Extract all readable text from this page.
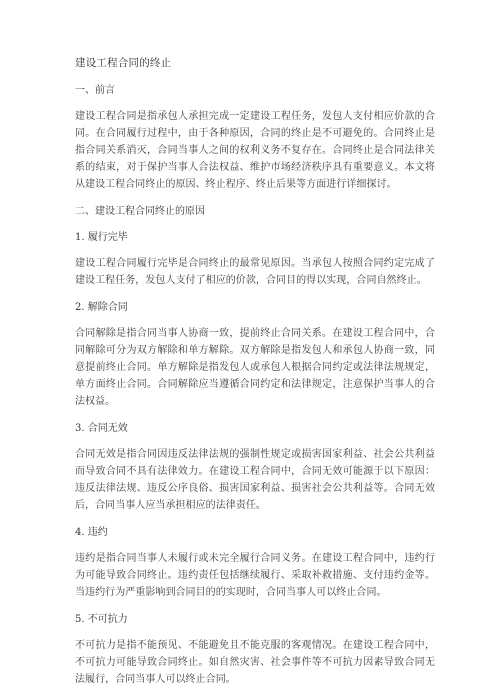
建设工程合同的终止
一、前言

建设工程合同是指承包人承担完成一定建设工程任务，发包人支付相应价款的合同。在合同履行过程中，由于各种原因，合同的终止是不可避免的。合同终止是指合同关系消灭，合同当事人之间的权利义务不复存在。合同终止是合同法律关系的结束，对于保护当事人合法权益、维护市场经济秩序具有重要意义。本文将从建设工程合同终止的原因、终止程序、终止后果等方面进行详细探讨。

二、建设工程合同终止的原因
1. 履行完毕

建设工程合同履行完毕是合同终止的最常见原因。当承包人按照合同约定完成了建设工程任务，发包人支付了相应的价款，合同目的得以实现，合同自然终止。

2. 解除合同

合同解除是指合同当事人协商一致，提前终止合同关系。在建设工程合同中，合同解除可分为双方解除和单方解除。双方解除是指发包人和承包人协商一致，同意提前终止合同。单方解除是指发包人或承包人根据合同约定或法律法规规定，单方面终止合同。合同解除应当遵循合同约定和法律规定，注意保护当事人的合法权益。

3. 合同无效

合同无效是指合同因违反法律法规的强制性规定或损害国家利益、社会公共利益而导致合同不具有法律效力。在建设工程合同中，合同无效可能源于以下原因：违反法律法规、违反公序良俗、损害国家利益、损害社会公共利益等。合同无效后，合同当事人应当承担相应的法律责任。

4. 违约

违约是指合同当事人未履行或未完全履行合同义务。在建设工程合同中，违约行为可能导致合同终止。违约责任包括继续履行、采取补救措施、支付违约金等。当违约行为严重影响到合同目的的实现时，合同当事人可以终止合同。

5. 不可抗力

不可抗力是指不能预见、不能避免且不能克服的客观情况。在建设工程合同中，不可抗力可能导致合同终止。如自然灾害、社会事件等不可抗力因素导致合同无法履行，合同当事人可以终止合同。
